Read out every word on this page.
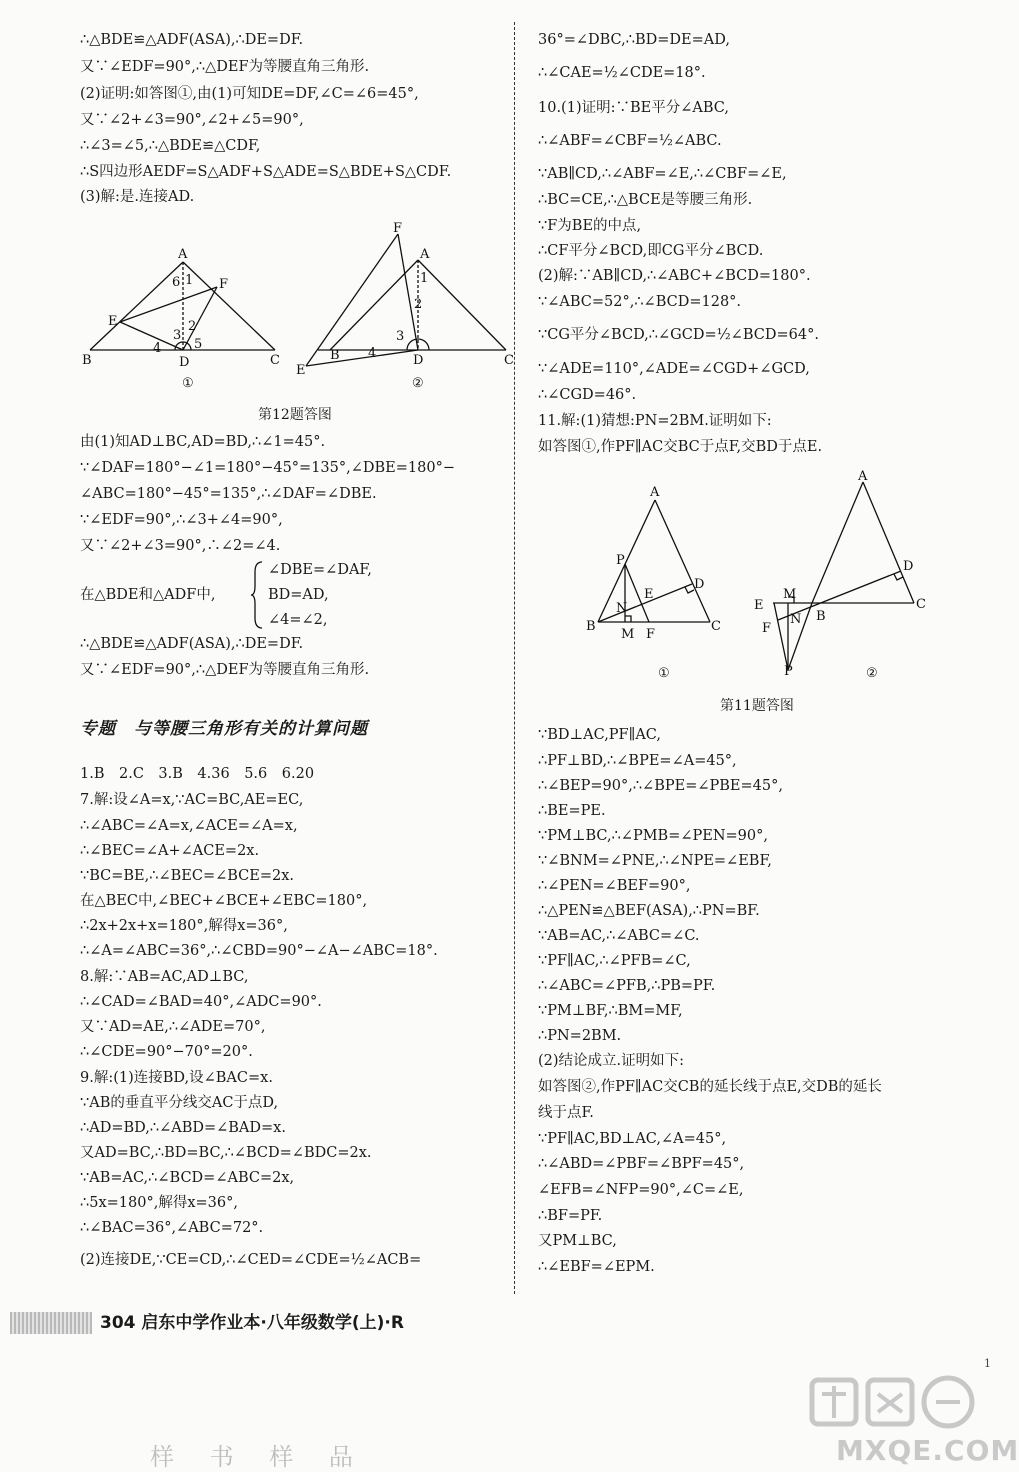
∴△BDE≌△ADF(ASA),∴DE=DF.
又∵∠EDF=90°,∴△DEF为等腰直角三角形.
(2)证明:如答图①,由(1)可知DE=DF,∠C=∠6=45°,
又∵∠2+∠3=90°,∠2+∠5=90°,
∴∠3=∠5,∴△BDE≌△CDF,
∴S四边形AEDF=S△ADF+S△ADE=S△BDE+S△CDF.
(3)解:是.连接AD.
A
B	C
D
E
F
6 1
2
3
4	5
①
F
A
1
2
3
4
B	D	C
E
②
第12题答图
由(1)知AD⊥BC,AD=BD,∴∠1=45°.
∵∠DAF=180°−∠1=180°−45°=135°,∠DBE=180°−
∠ABC=180°−45°=135°,∴∠DAF=∠DBE.
∵∠EDF=90°,∴∠3+∠4=90°,
又∵∠2+∠3=90°,∴∠2=∠4.
在△BDE和△ADF中,
∠DBE=∠DAF,
BD=AD,
∠4=∠2,
∴△BDE≌△ADF(ASA),∴DE=DF.
又∵∠EDF=90°,∴△DEF为等腰直角三角形.
专题　与等腰三角形有关的计算问题
1.B　2.C　3.B　4.36　5.6　6.20
7.解:设∠A=x,∵AC=BC,AE=EC,
∴∠ABC=∠A=x,∠ACE=∠A=x,
∴∠BEC=∠A+∠ACE=2x.
∵BC=BE,∴∠BEC=∠BCE=2x.
在△BEC中,∠BEC+∠BCE+∠EBC=180°,
∴2x+2x+x=180°,解得x=36°,
∴∠A=∠ABC=36°,∴∠CBD=90°−∠A−∠ABC=18°.
8.解:∵AB=AC,AD⊥BC,
∴∠CAD=∠BAD=40°,∠ADC=90°.
又∵AD=AE,∴∠ADE=70°,
∴∠CDE=90°−70°=20°.
9.解:(1)连接BD,设∠BAC=x.
∵AB的垂直平分线交AC于点D,
∴AD=BD,∴∠ABD=∠BAD=x.
又AD=BC,∴BD=BC,∴∠BCD=∠BDC=2x.
∵AB=AC,∴∠BCD=∠ABC=2x,
∴5x=180°,解得x=36°,
∴∠BAC=36°,∠ABC=72°.
(2)连接DE,∵CE=CD,∴∠CED=∠CDE=½∠ACB=
36°=∠DBC,∴BD=DE=AD,
∴∠CAE=½∠CDE=18°.
10.(1)证明:∵BE平分∠ABC,
∴∠ABF=∠CBF=½∠ABC.
∵AB∥CD,∴∠ABF=∠E,∴∠CBF=∠E,
∴BC=CE,∴△BCE是等腰三角形.
∵F为BE的中点,
∴CF平分∠BCD,即CG平分∠BCD.
(2)解:∵AB∥CD,∴∠ABC+∠BCD=180°.
∵∠ABC=52°,∴∠BCD=128°.
∵CG平分∠BCD,∴∠GCD=½∠BCD=64°.
∵∠ADE=110°,∠ADE=∠CGD+∠GCD,
∴∠CGD=46°.
11.解:(1)猜想:PN=2BM.证明如下:
如答图①,作PF∥AC交BC于点F,交BD于点E.
A
B	C
D
E
F
M
N
P
①
A
D
C
B
M
N
E
F
P	②
第11题答图
∵BD⊥AC,PF∥AC,
∴PF⊥BD,∴∠BPE=∠A=45°,
∴∠BEP=90°,∴∠BPE=∠PBE=45°,
∴BE=PE.
∵PM⊥BC,∴∠PMB=∠PEN=90°,
∵∠BNM=∠PNE,∴∠NPE=∠EBF,
∴∠PEN=∠BEF=90°,
∴△PEN≌△BEF(ASA),∴PN=BF.
∵AB=AC,∴∠ABC=∠C.
∵PF∥AC,∴∠PFB=∠C,
∴∠ABC=∠PFB,∴PB=PF.
∵PM⊥BF,∴BM=MF,
∴PN=2BM.
(2)结论成立.证明如下:
如答图②,作PF∥AC交CB的延长线于点E,交DB的延长
线于点F.
∵PF∥AC,BD⊥AC,∠A=45°,
∴∠ABD=∠PBF=∠BPF=45°,
∠EFB=∠NFP=90°,∠C=∠E,
∴BF=PF.
又PM⊥BC,
∴∠EBF=∠EPM.
304 启东中学作业本·八年级数学(上)·R
1
MXQE.COM
样 书 样 品
